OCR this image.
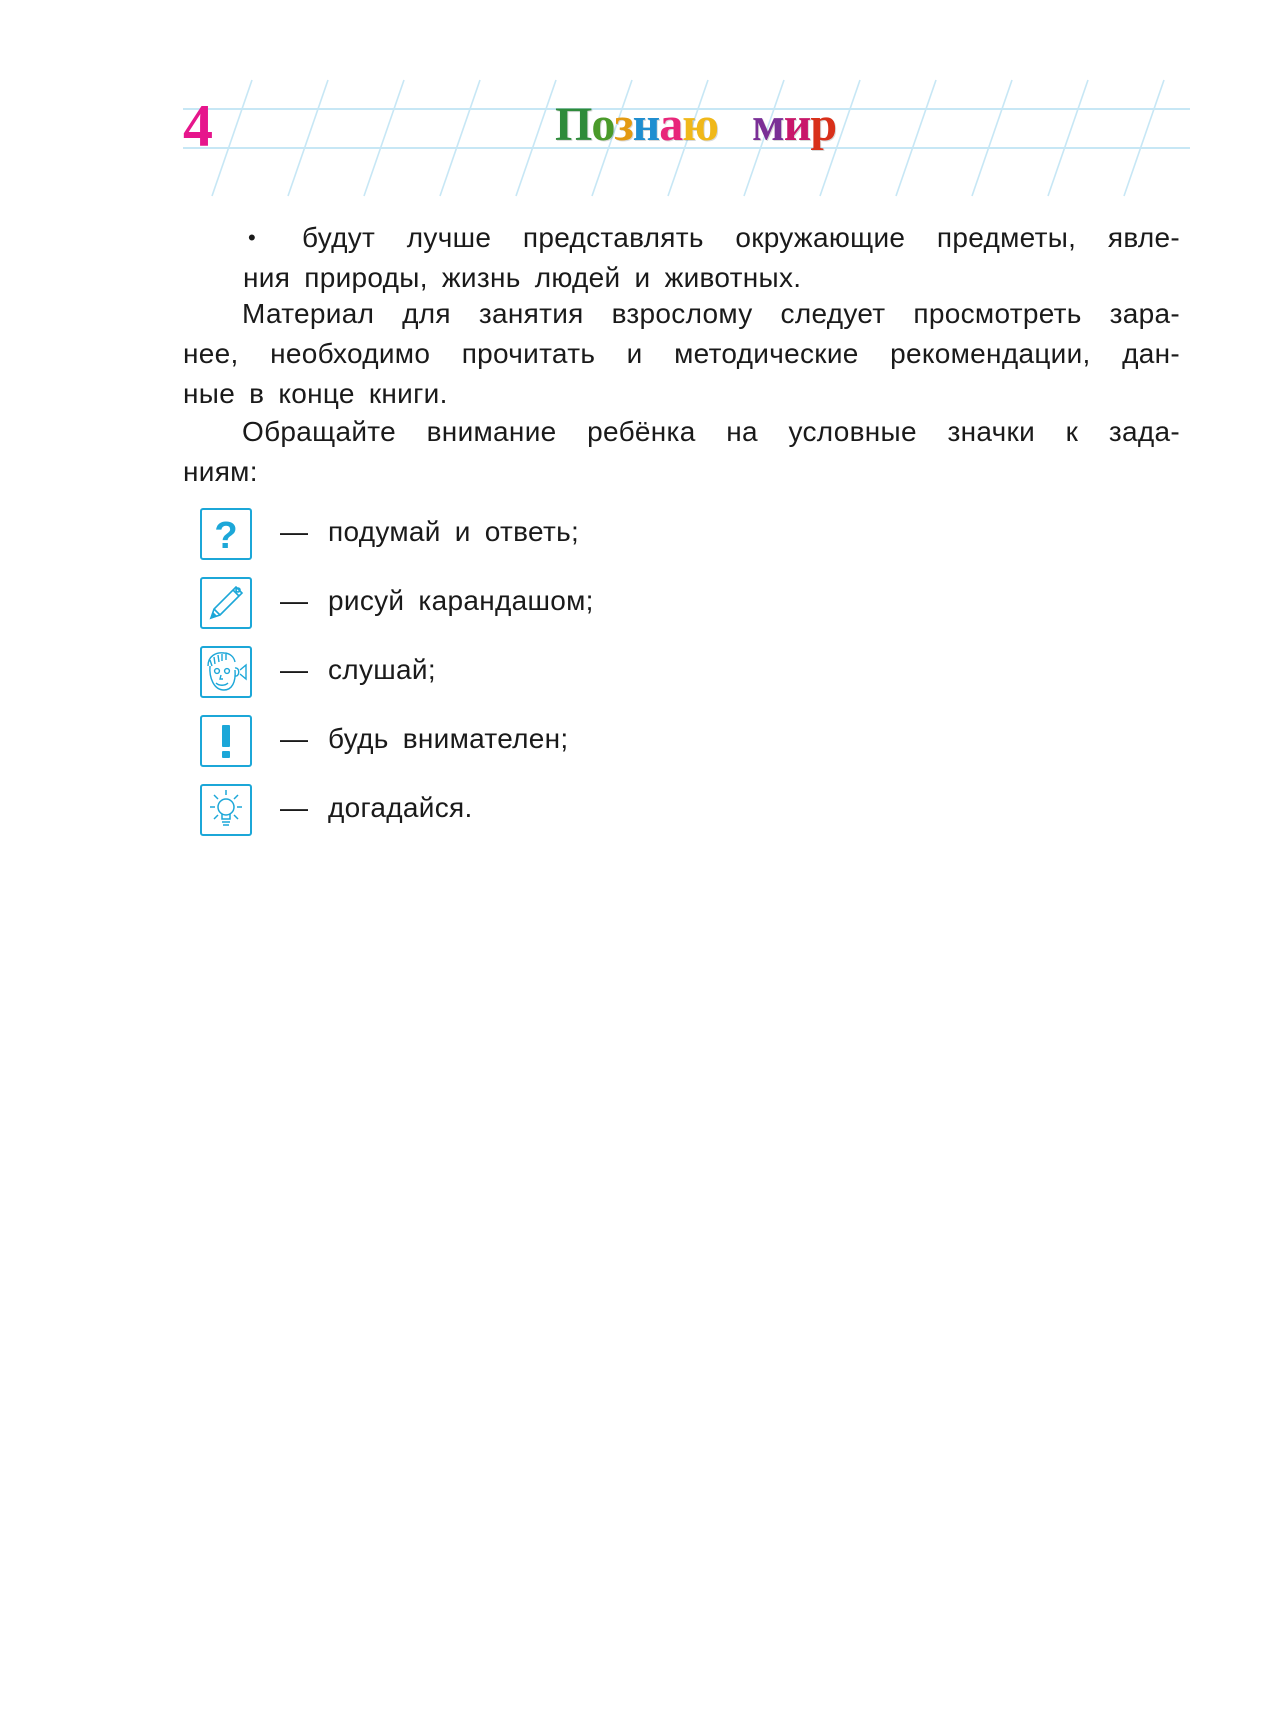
4	Познаю мир
•	будут лучше представлять окружающие предметы, явле-
ния природы, жизнь людей и животных.
Материал для занятия взрослому следует просмотреть зара-
нее, необходимо прочитать и методические рекомендации, дан-
ные в конце книги.
Обращайте внимание ребёнка на условные значки к зада-
ниям:
? — подумай и ответь;
— рисуй карандашом;
— слушай;
— будь внимателен;
— догадайся.
